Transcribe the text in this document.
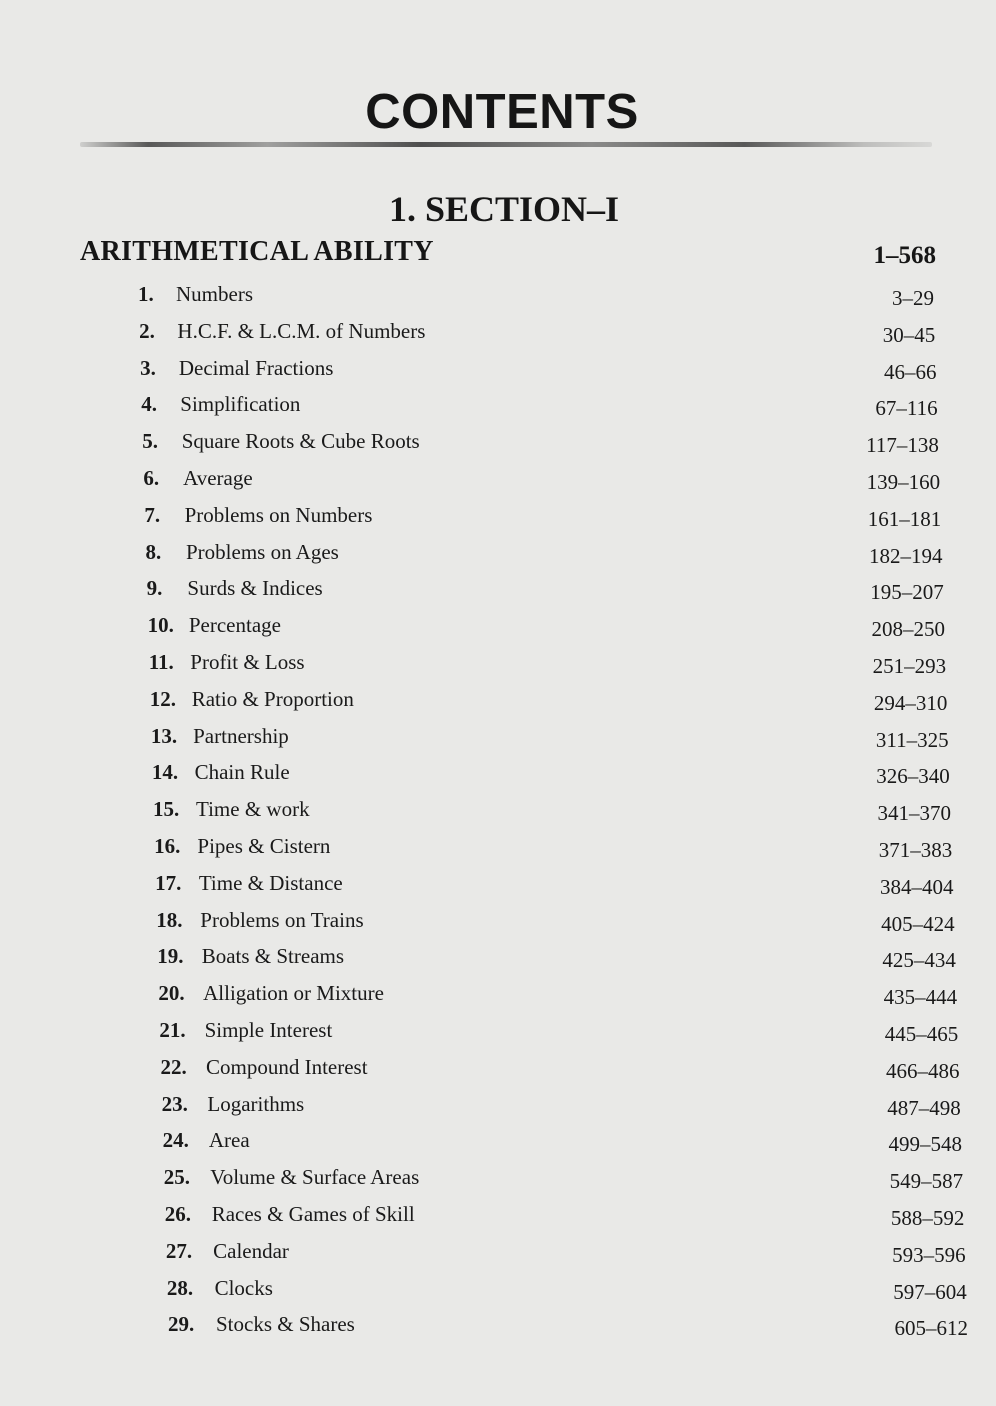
CONTENTS
1. SECTION–I
ARITHMETICAL ABILITY	1–568
1. Numbers	3–29
2. H.C.F. & L.C.M. of Numbers	30–45
3. Decimal Fractions	46–66
4. Simplification	67–116
5. Square Roots & Cube Roots	117–138
6. Average	139–160
7. Problems on Numbers	161–181
8. Problems on Ages	182–194
9. Surds & Indices	195–207
10. Percentage	208–250
11. Profit & Loss	251–293
12. Ratio & Proportion	294–310
13. Partnership	311–325
14. Chain Rule	326–340
15. Time & work	341–370
16. Pipes & Cistern	371–383
17. Time & Distance	384–404
18. Problems on Trains	405–424
19. Boats & Streams	425–434
20. Alligation or Mixture	435–444
21. Simple Interest	445–465
22. Compound Interest	466–486
23. Logarithms	487–498
24. Area	499–548
25. Volume & Surface Areas	549–587
26. Races & Games of Skill	588–592
27. Calendar	593–596
28. Clocks	597–604
29. Stocks & Shares	605–612
